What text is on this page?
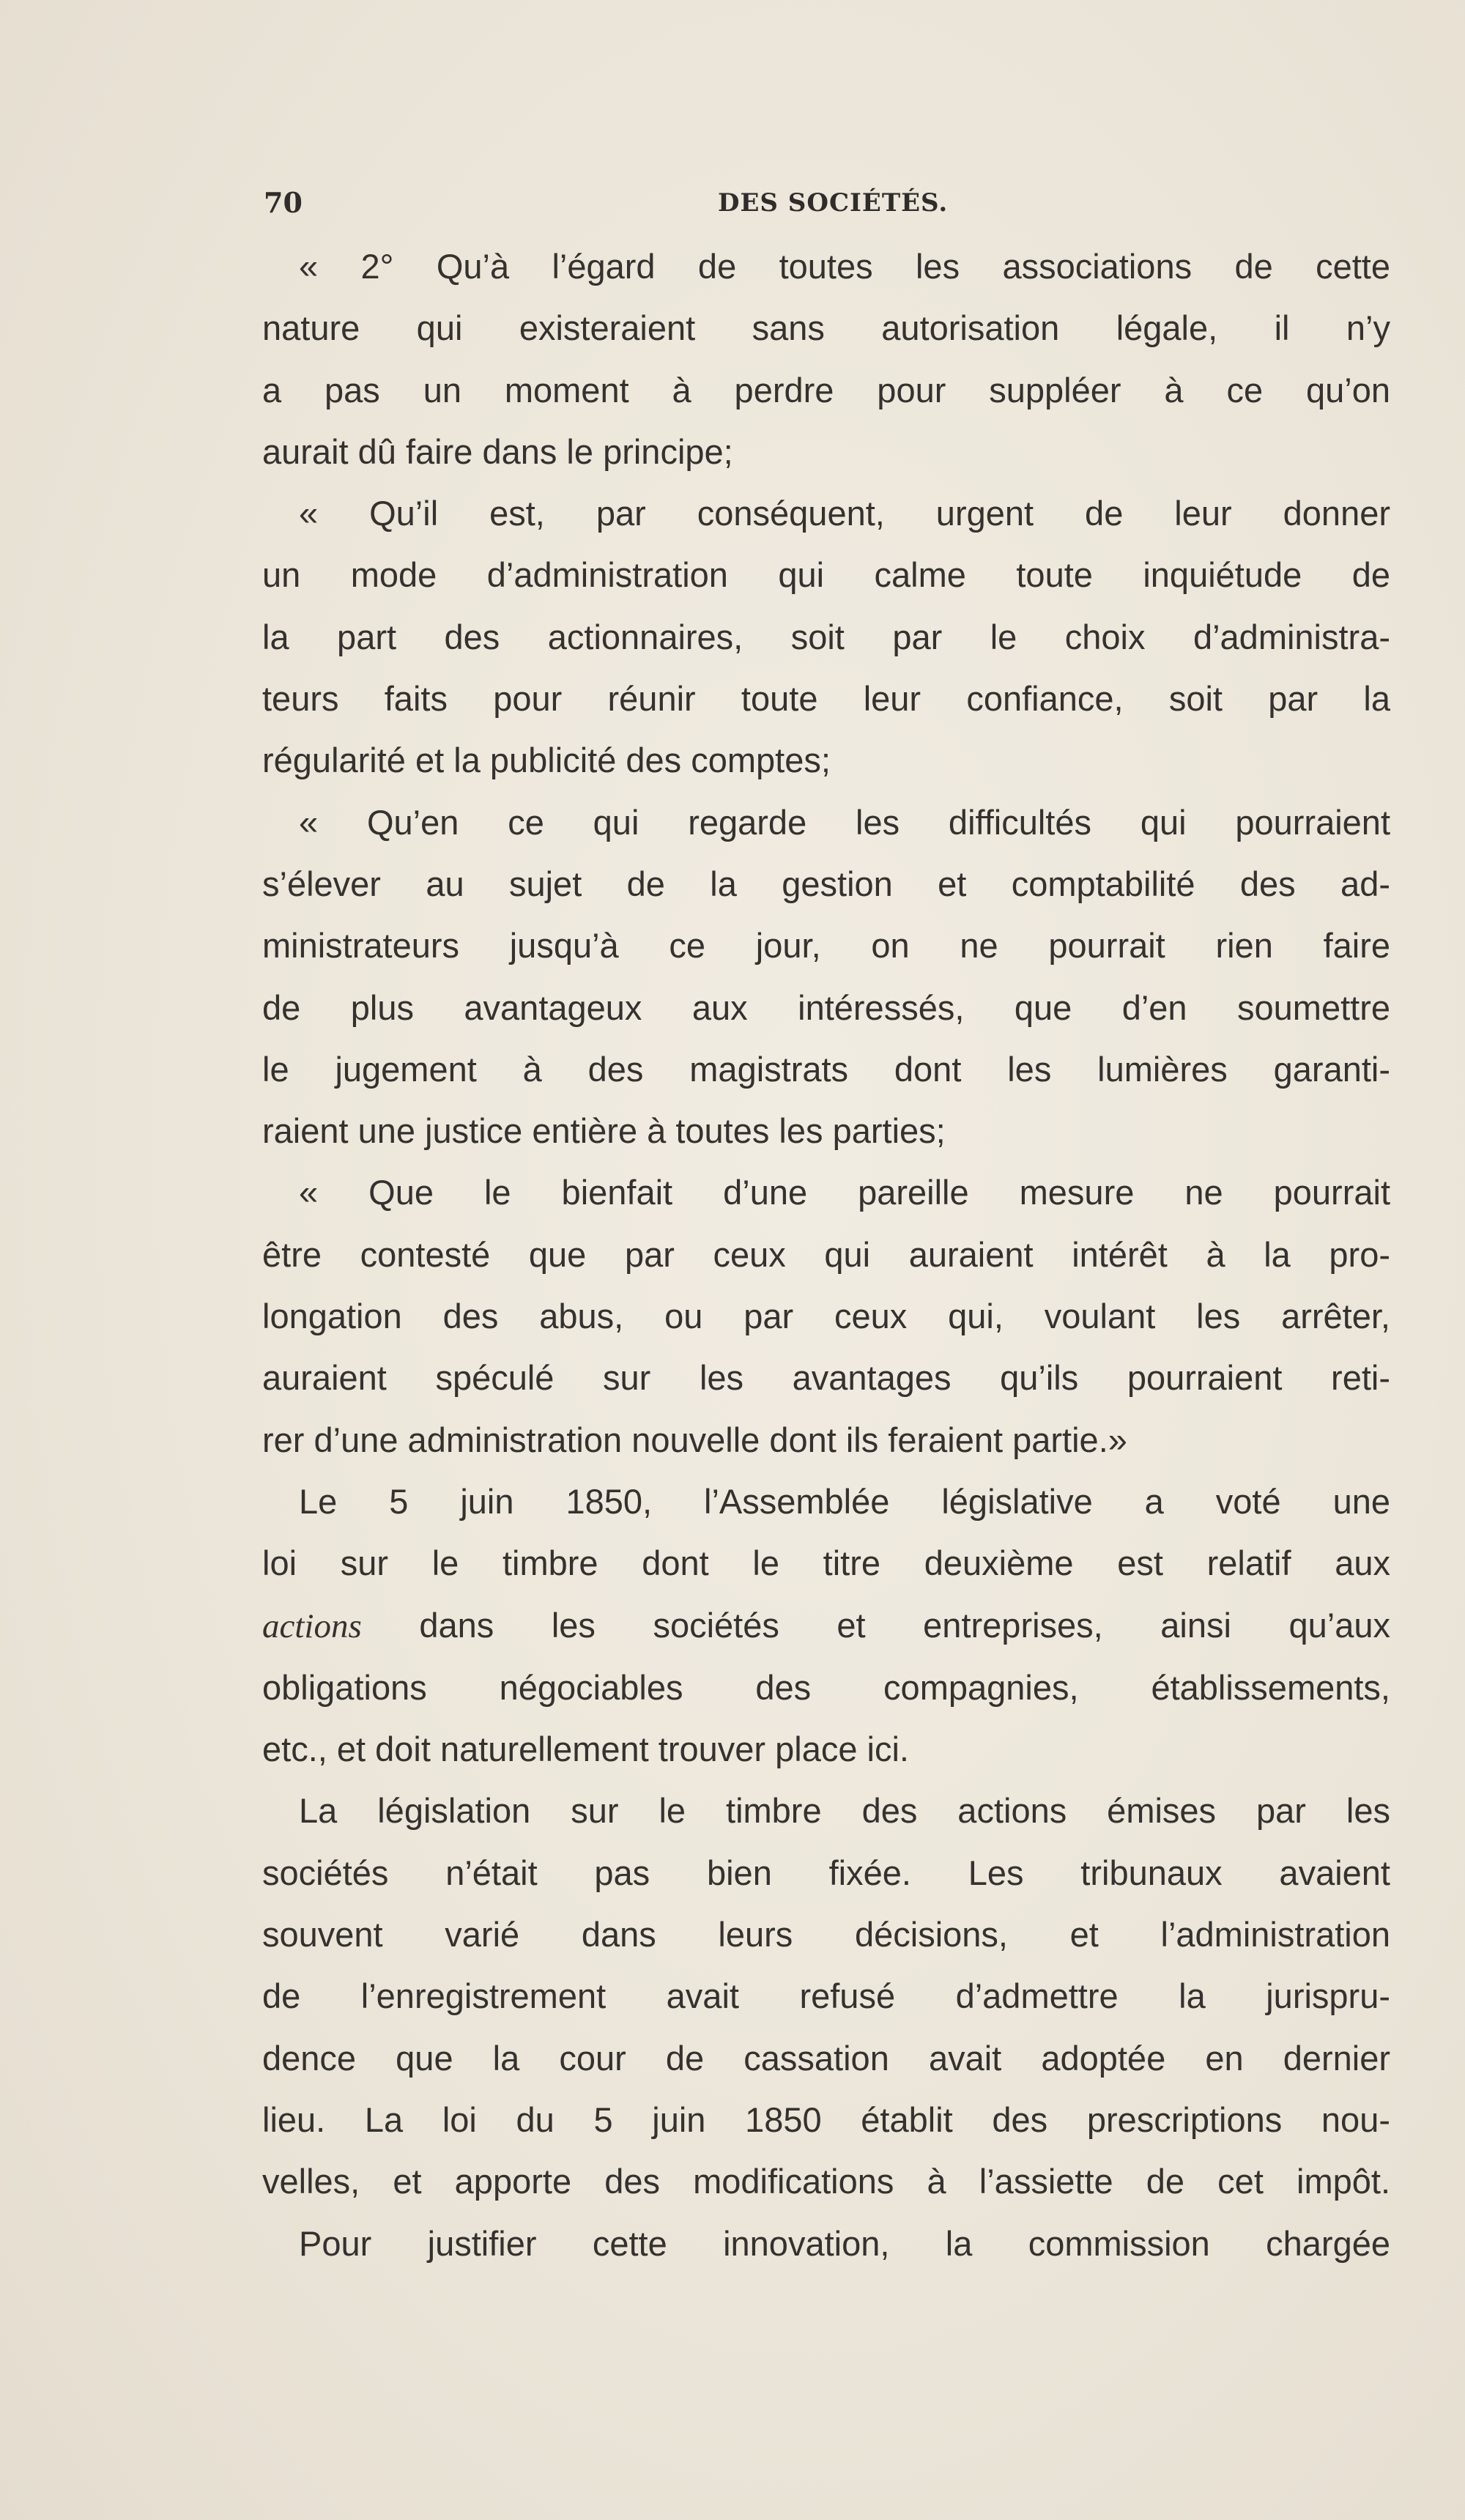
70	DES SOCIÉTÉS.

« 2° Qu’à l’égard de toutes les associations de cette

nature qui existeraient sans autorisation légale, il n’y

a pas un moment à perdre pour suppléer à ce qu’on

aurait dû faire dans le principe;

« Qu’il est, par conséquent, urgent de leur donner

un mode d’administration qui calme toute inquiétude de

la part des actionnaires, soit par le choix d’administra-

teurs faits pour réunir toute leur confiance, soit par la

régularité et la publicité des comptes;

« Qu’en ce qui regarde les difficultés qui pourraient

s’élever au sujet de la gestion et comptabilité des ad-

ministrateurs jusqu’à ce jour, on ne pourrait rien faire

de plus avantageux aux intéressés, que d’en soumettre

le jugement à des magistrats dont les lumières garanti-

raient une justice entière à toutes les parties;

« Que le bienfait d’une pareille mesure ne pourrait

être contesté que par ceux qui auraient intérêt à la pro-

longation des abus, ou par ceux qui, voulant les arrêter,

auraient spéculé sur les avantages qu’ils pourraient reti-

rer d’une administration nouvelle dont ils feraient partie.»

Le 5 juin 1850, l’Assemblée législative a voté une

loi sur le timbre dont le titre deuxième est relatif aux

actions dans les sociétés et entreprises, ainsi qu’aux

obligations négociables des compagnies, établissements,

etc., et doit naturellement trouver place ici.

La législation sur le timbre des actions émises par les

sociétés n’était pas bien fixée. Les tribunaux avaient

souvent varié dans leurs décisions, et l’administration

de l’enregistrement avait refusé d’admettre la jurispru-

dence que la cour de cassation avait adoptée en dernier

lieu. La loi du 5 juin 1850 établit des prescriptions nou-

velles, et apporte des modifications à l’assiette de cet impôt.

Pour justifier cette innovation, la commission chargée
